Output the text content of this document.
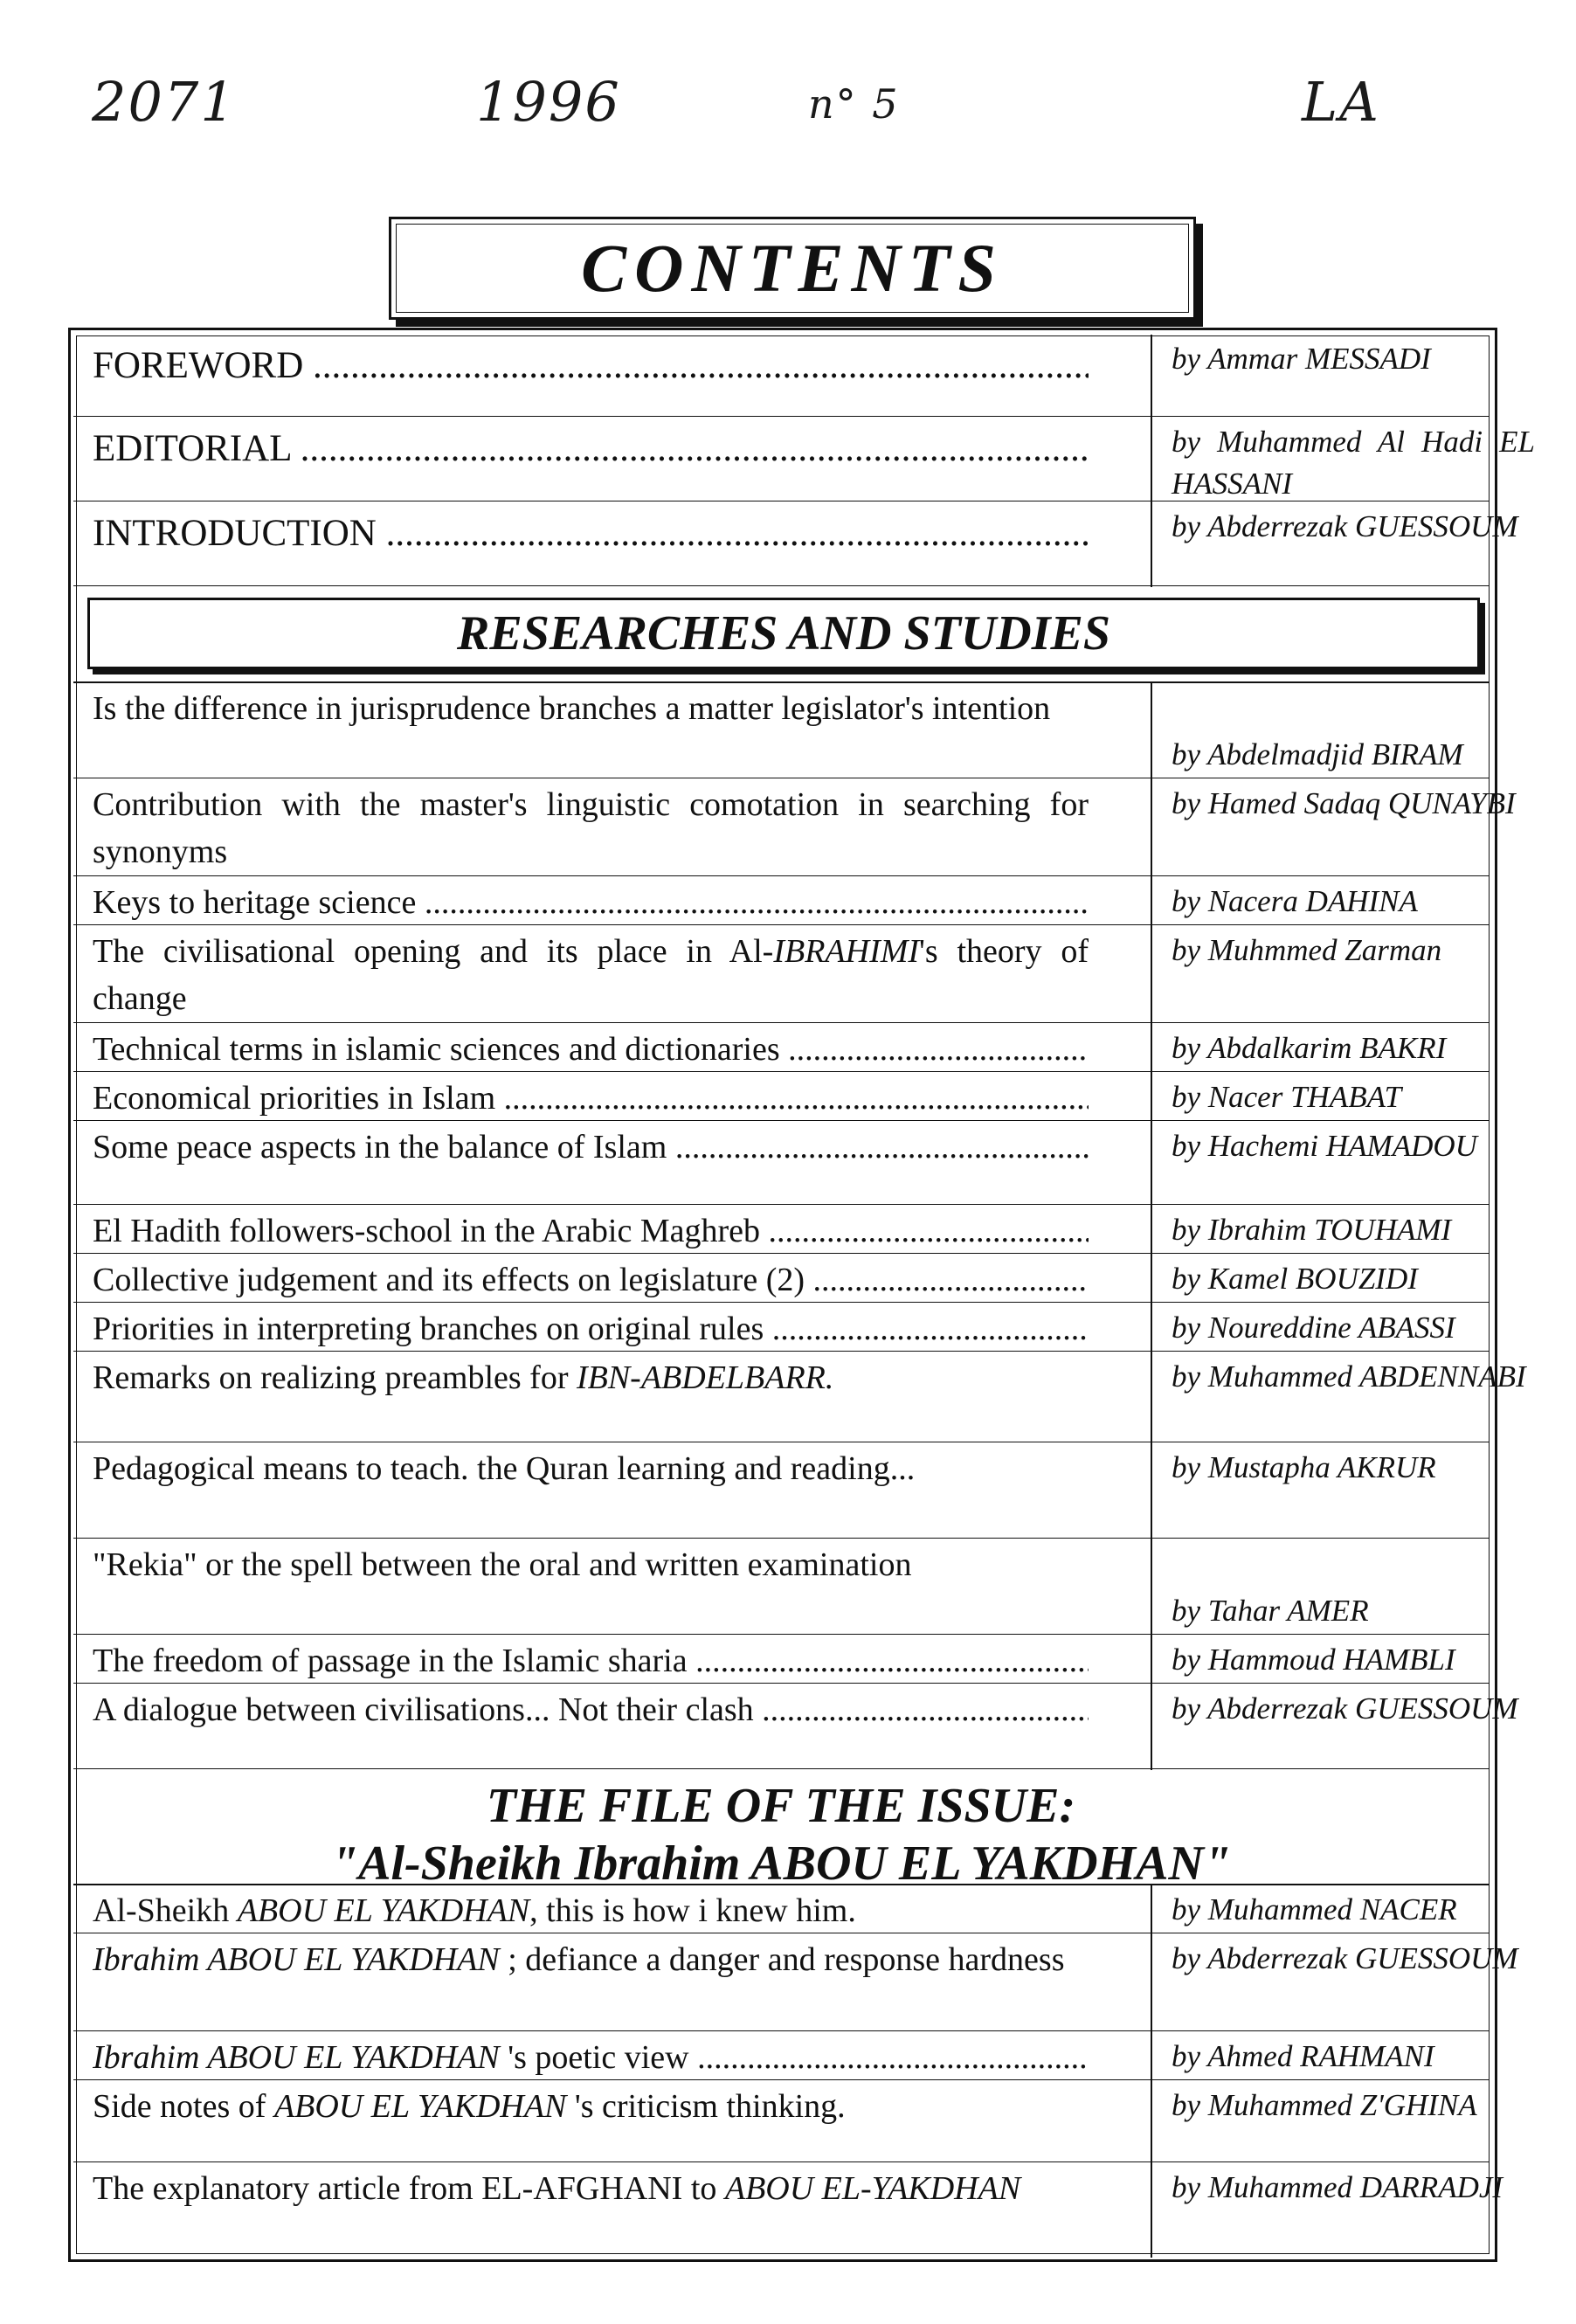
2071	1996	n° 5	LA
CONTENTS
FOREWORD .....	by Ammar MESSADI
EDITORIAL .....	by Muhammed Al Hadi EL HASSANI
INTRODUCTION .....	by Abderrezak GUESSOUM
RESEARCHES AND STUDIES
Is the difference in jurisprudence branches a matter legislator's intention
by Abdelmadjid BIRAM
Contribution with the master's linguistic comotation in searching for synonyms
by Hamed Sadaq QUNAYBI
Keys to heritage science .....	by Nacera DAHINA
The civilisational opening and its place in Al-IBRAHIMI's theory of change
by Muhmmed Zarman
Technical terms in islamic sciences and dictionaries .....	by Abdalkarim BAKRI
Economical priorities in Islam .....	by Nacer THABAT
Some peace aspects in the balance of Islam .....	by Hachemi HAMADOU
El Hadith followers-school in the Arabic Maghreb .....	by Ibrahim TOUHAMI
Collective judgement and its effects on legislature (2) .....	by Kamel BOUZIDI
Priorities in interpreting branches on original rules .....	by Noureddine ABASSI
Remarks on realizing preambles for IBN-ABDELBARR.	by Muhammed ABDENNABI
Pedagogical means to teach. the Quran learning and reading...	by Mustapha AKRUR
"Rekia" or the spell between the oral and written examination
by Tahar AMER
The freedom of passage in the Islamic sharia .....	by Hammoud HAMBLI
A dialogue between civilisations... Not their clash .....	by Abderrezak GUESSOUM
THE FILE OF THE ISSUE:
"Al-Sheikh Ibrahim ABOU EL YAKDHAN"
Al-Sheikh ABOU EL YAKDHAN, this is how i knew him.	by Muhammed NACER
Ibrahim ABOU EL YAKDHAN ; defiance a danger and response hardness	by Abderrezak GUESSOUM
Ibrahim ABOU EL YAKDHAN 's poetic view .....	by Ahmed RAHMANI
Side notes of ABOU EL YAKDHAN 's criticism thinking.	by Muhammed Z'GHINA
The explanatory article from EL-AFGHANI to ABOU EL-YAKDHAN	by Muhammed DARRADJI
